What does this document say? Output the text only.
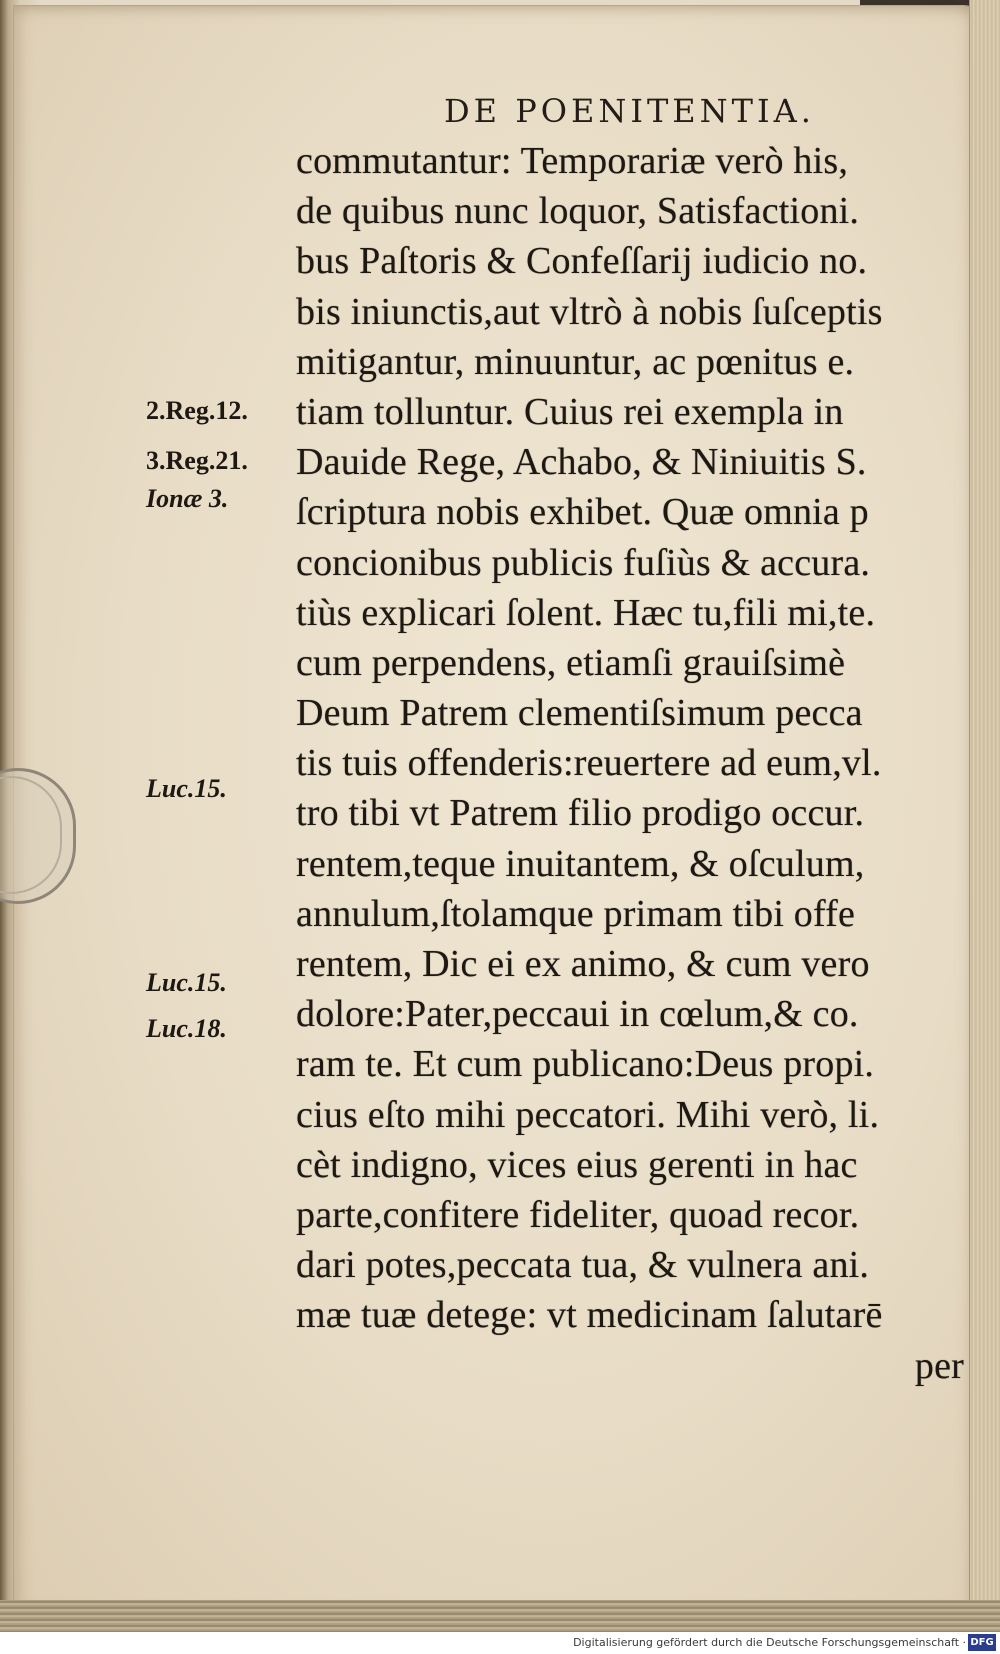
DE POENITENTIA.
commutantur: Temporariæ verò his,
de quibus nunc loquor, Satisfactioni.
bus Paſtoris & Confeſſarij iudicio no.
bis iniunctis,aut vltrò à nobis ſuſceptis
mitigantur, minuuntur, ac pœnitus e.
tiam tolluntur. Cuius rei exempla in
Dauide Rege, Achabo, & Niniuitis S.
ſcriptura nobis exhibet. Quæ omnia p
concionibus publicis fuſiùs & accura.
tiùs explicari ſolent. Hæc tu,fili mi,te.
cum perpendens, etiamſi grauiſsimè
Deum Patrem clementiſsimum pecca
tis tuis offenderis:reuertere ad eum,vl.
tro tibi vt Patrem filio prodigo occur.
rentem,teque inuitantem, & oſculum,
annulum,ſtolamque primam tibi offe
rentem, Dic ei ex animo, & cum vero
dolore:Pater,peccaui in cœlum,& co.
ram te. Et cum publicano:Deus propi.
cius eſto mihi peccatori. Mihi verò, li.
cèt indigno, vices eius gerenti in hac
parte,confitere fideliter, quoad recor.
dari potes,peccata tua, & vulnera ani.
mæ tuæ detege: vt medicinam ſalutarē
per
2.Reg.12.
3.Reg.21.
Ionæ 3.
Luc.15.
Luc.15.
Luc.18.
Digitalisierung gefördert durch die Deutsche Forschungsgemeinschaft · DFG
